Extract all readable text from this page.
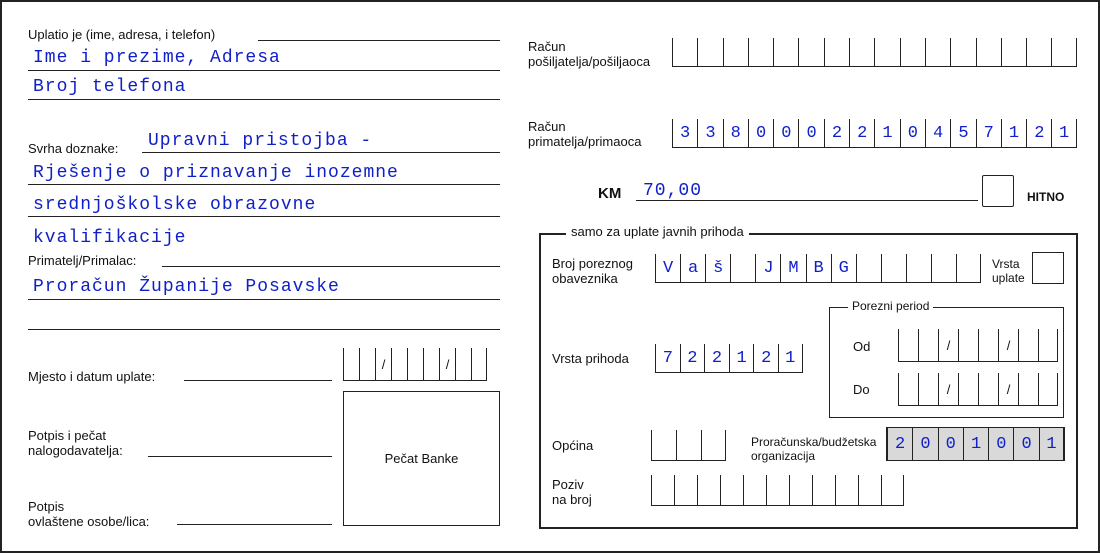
Uplatio je (ime, adresa, i telefon)
Ime i prezime, Adresa
Broj telefona
Svrha doznake: Upravni pristojba -
Rješenje o priznavanje inozemne
srednjoškolske obrazovne
kvalifikacije
Primatelj/Primalac:
Proračun Županije Posavske
Mjesto i datum uplate:
/	/
Potpis i pečat
nalogodavatelja:
Pečat Banke
Potpis
ovlaštene osobe/lica:
Račun
pošiljatelja/pošiljaoca
Račun
primatelja/primaoca	3 3 8 0 0 0 2 2 1 0 4 5 7 1 2 1
KM 70,00	HITNO
samo za uplate javnih prihoda
Broj poreznog
obaveznika
V a š	J M B G	Vrsta
uplate
Porezni period
Od	/	/
Do	/	/
Vrsta prihoda	7 2 2 1 2 1
Općina	Proračunska/budžetska
organizacija
2 0 0 1 0 0 1
Poziv
na broj
